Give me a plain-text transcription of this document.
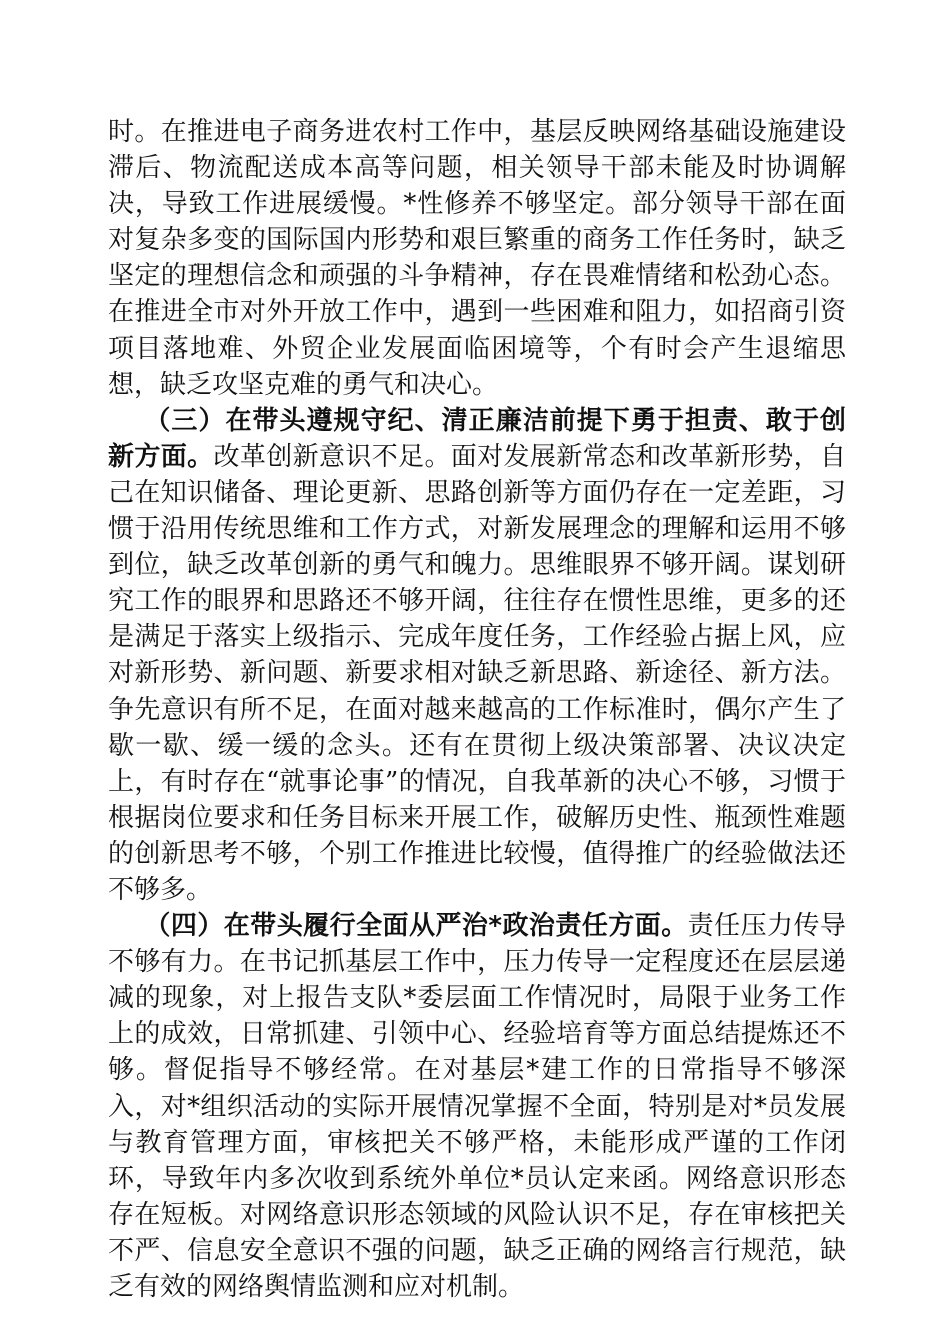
时。在推进电子商务进农村工作中，基层反映网络基础设施建设滞后、物流配送成本高等问题，相关领导干部未能及时协调解决，导致工作进展缓慢。*性修养不够坚定。部分领导干部在面对复杂多变的国际国内形势和艰巨繁重的商务工作任务时，缺乏坚定的理想信念和顽强的斗争精神，存在畏难情绪和松劲心态。在推进全市对外开放工作中，遇到一些困难和阻力，如招商引资项目落地难、外贸企业发展面临困境等，个有时会产生退缩思想，缺乏攻坚克难的勇气和决心。

（三）在带头遵规守纪、清正廉洁前提下勇于担责、敢于创新方面。改革创新意识不足。面对发展新常态和改革新形势，自己在知识储备、理论更新、思路创新等方面仍存在一定差距，习惯于沿用传统思维和工作方式，对新发展理念的理解和运用不够到位，缺乏改革创新的勇气和魄力。思维眼界不够开阔。谋划研究工作的眼界和思路还不够开阔，往往存在惯性思维，更多的还是满足于落实上级指示、完成年度任务，工作经验占据上风，应对新形势、新问题、新要求相对缺乏新思路、新途径、新方法。争先意识有所不足，在面对越来越高的工作标准时，偶尔产生了歇一歇、缓一缓的念头。还有在贯彻上级决策部署、决议决定上，有时存在“就事论事”的情况，自我革新的决心不够，习惯于根据岗位要求和任务目标来开展工作，破解历史性、瓶颈性难题的创新思考不够，个别工作推进比较慢，值得推广的经验做法还不够多。

（四）在带头履行全面从严治*政治责任方面。责任压力传导不够有力。在书记抓基层工作中，压力传导一定程度还在层层递减的现象，对上报告支队*委层面工作情况时，局限于业务工作上的成效，日常抓建、引领中心、经验培育等方面总结提炼还不够。督促指导不够经常。在对基层*建工作的日常指导不够深入，对*组织活动的实际开展情况掌握不全面，特别是对*员发展与教育管理方面，审核把关不够严格，未能形成严谨的工作闭环，导致年内多次收到系统外单位*员认定来函。网络意识形态存在短板。对网络意识形态领域的风险认识不足，存在审核把关不严、信息安全意识不强的问题，缺乏正确的网络言行规范，缺乏有效的网络舆情监测和应对机制。
